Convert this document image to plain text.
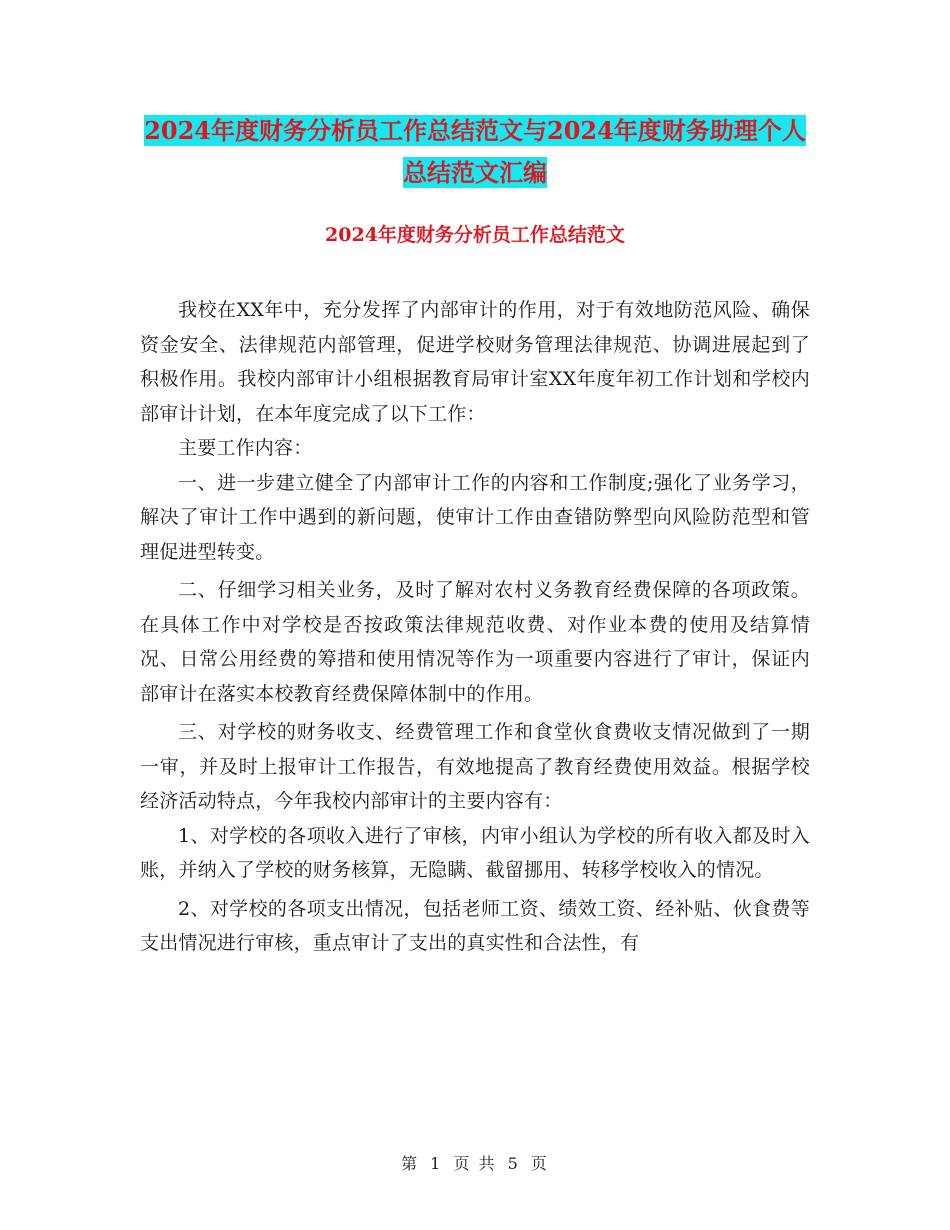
2024年度财务分析员工作总结范文与2024年度财务助理个人总结范文汇编
2024年度财务分析员工作总结范文

我校在XX年中，充分发挥了内部审计的作用，对于有效地防范风险、确保资金安全、法律规范内部管理，促进学校财务管理法律规范、协调进展起到了积极作用。我校内部审计小组根据教育局审计室XX年度年初工作计划和学校内部审计计划，在本年度完成了以下工作：

主要工作内容：

一、进一步建立健全了内部审计工作的内容和工作制度;强化了业务学习，解决了审计工作中遇到的新问题，使审计工作由查错防弊型向风险防范型和管理促进型转变。

二、仔细学习相关业务，及时了解对农村义务教育经费保障的各项政策。在具体工作中对学校是否按政策法律规范收费、对作业本费的使用及结算情况、日常公用经费的筹措和使用情况等作为一项重要内容进行了审计，保证内部审计在落实本校教育经费保障体制中的作用。

三、对学校的财务收支、经费管理工作和食堂伙食费收支情况做到了一期一审，并及时上报审计工作报告，有效地提高了教育经费使用效益。根据学校经济活动特点，今年我校内部审计的主要内容有：

1、对学校的各项收入进行了审核，内审小组认为学校的所有收入都及时入账，并纳入了学校的财务核算，无隐瞒、截留挪用、转移学校收入的情况。

2、对学校的各项支出情况，包括老师工资、绩效工资、经补贴、伙食费等支出情况进行审核，重点审计了支出的真实性和合法性，有

第 1 页 共 5 页
